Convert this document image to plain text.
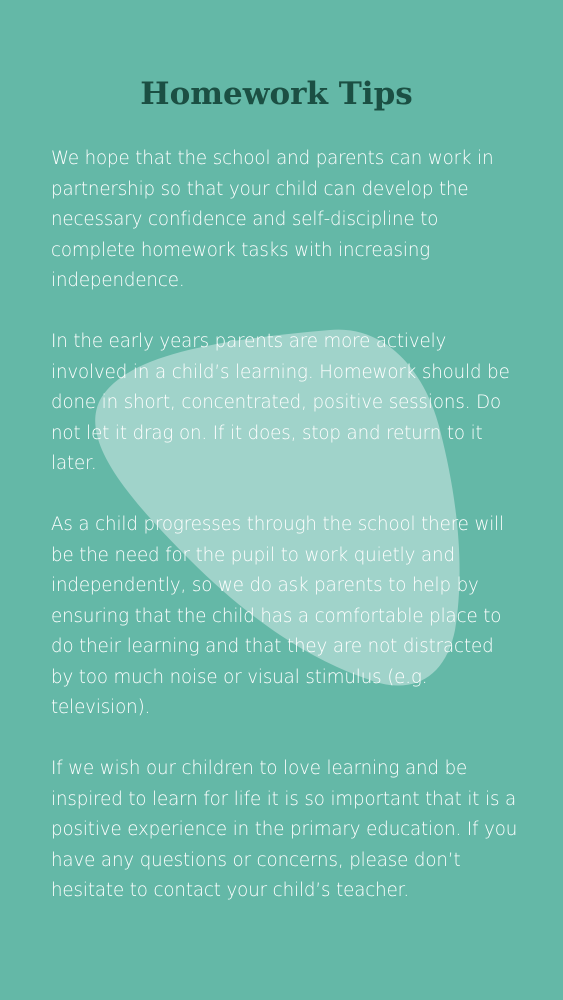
Homework Tips

We hope that the school and parents can work in partnership so that your child can develop the necessary confidence and self-discipline to complete homework tasks with increasing independence.

In the early years parents are more actively involved in a child’s learning. Homework should be done in short, concentrated, positive sessions. Do not let it drag on. If it does, stop and return to it later.

As a child progresses through the school there will be the need for the pupil to work quietly and independently, so we do ask parents to help by ensuring that the child has a comfortable place to do their learning and that they are not distracted by too much noise or visual stimulus (e.g. television).

If we wish our children to love learning and be inspired to learn for life it is so important that it is a positive experience in the primary education. If you have any questions or concerns, please don’t hesitate to contact your child’s teacher.
